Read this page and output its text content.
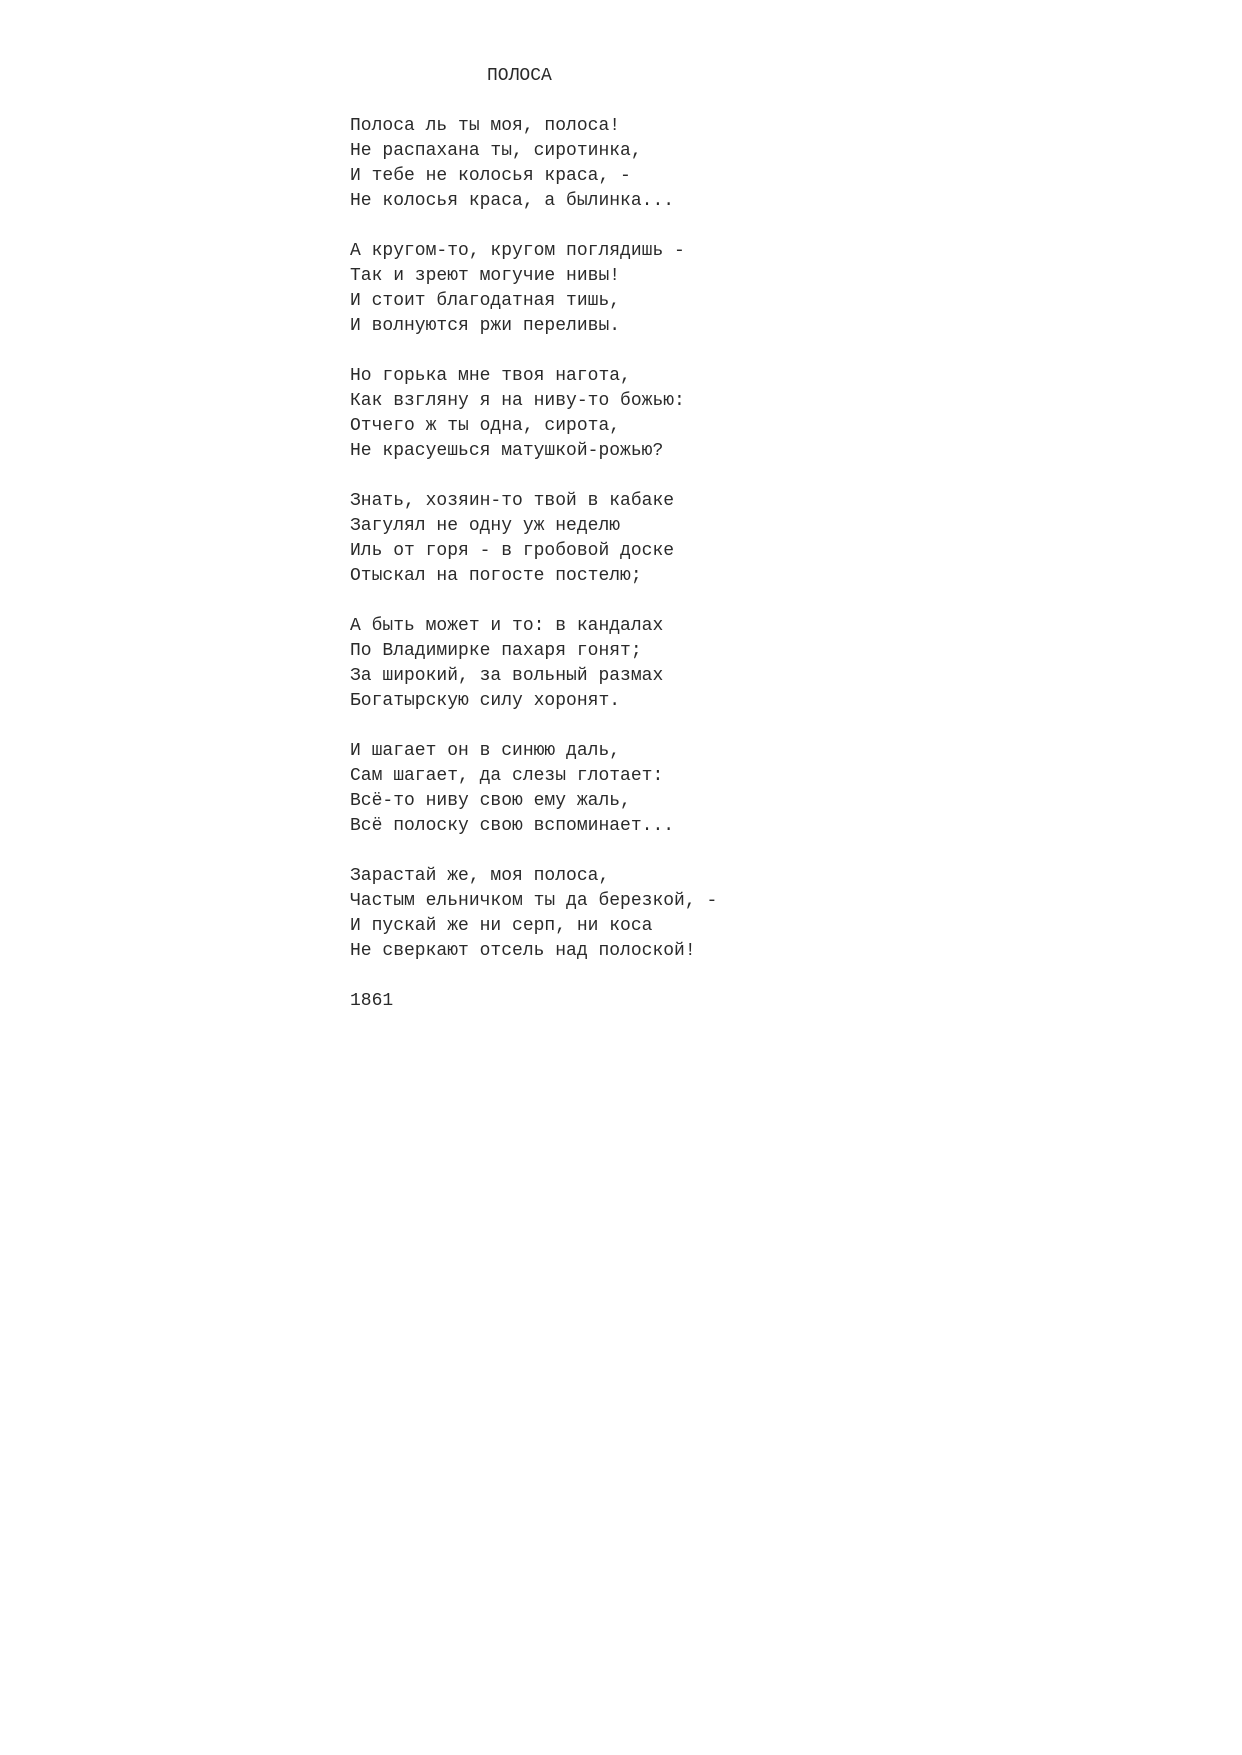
ПОЛОСА
Полоса ль ты моя, полоса!
Не распахана ты, сиротинка,
И тебе не колосья краса, -
Не колосья краса, а былинка...
А кругом-то, кругом поглядишь -
Так и зреют могучие нивы!
И стоит благодатная тишь,
И волнуются ржи переливы.
Но горька мне твоя нагота,
Как взгляну я на ниву-то божью:
Отчего ж ты одна, сирота,
Не красуешься матушкой-рожью?
Знать, хозяин-то твой в кабаке
Загулял не одну уж неделю
Иль от горя - в гробовой доске
Отыскал на погосте постелю;
А быть может и то: в кандалах
По Владимирке пахаря гонят;
За широкий, за вольный размах
Богатырскую силу хоронят.
И шагает он в синюю даль,
Сам шагает, да слезы глотает:
Всё-то ниву свою ему жаль,
Всё полоску свою вспоминает...
Зарастай же, моя полоса,
Частым ельничком ты да березкой, -
И пускай же ни серп, ни коса
Не сверкают отсель над полоской!
1861
